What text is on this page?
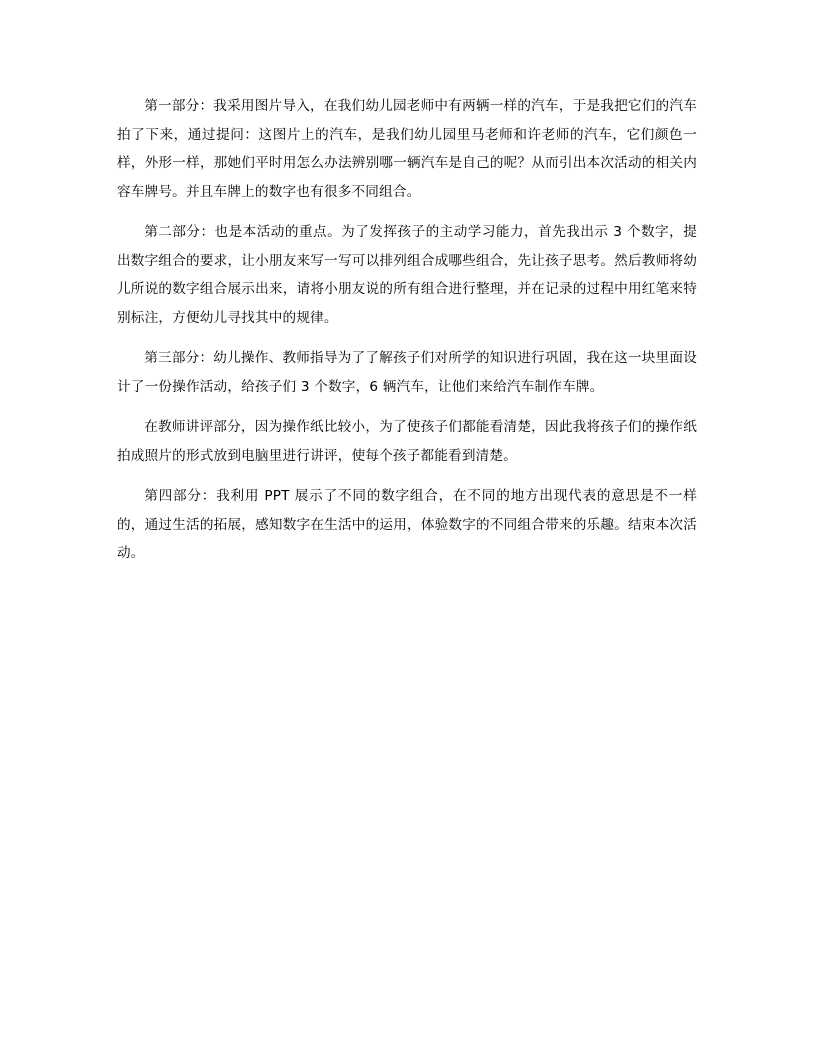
第一部分：我采用图片导入，在我们幼儿园老师中有两辆一样的汽车，于是我把它们的汽车拍了下来，通过提问：这图片上的汽车，是我们幼儿园里马老师和许老师的汽车，它们颜色一样，外形一样，那她们平时用怎么办法辨别哪一辆汽车是自己的呢？从而引出本次活动的相关内容车牌号。并且车牌上的数字也有很多不同组合。

第二部分：也是本活动的重点。为了发挥孩子的主动学习能力，首先我出示 3 个数字，提出数字组合的要求，让小朋友来写一写可以排列组合成哪些组合，先让孩子思考。然后教师将幼儿所说的数字组合展示出来，请将小朋友说的所有组合进行整理，并在记录的过程中用红笔来特别标注，方便幼儿寻找其中的规律。

第三部分：幼儿操作、教师指导为了了解孩子们对所学的知识进行巩固，我在这一块里面设计了一份操作活动，给孩子们 3 个数字，6 辆汽车，让他们来给汽车制作车牌。

在教师讲评部分，因为操作纸比较小，为了使孩子们都能看清楚，因此我将孩子们的操作纸拍成照片的形式放到电脑里进行讲评，使每个孩子都能看到清楚。

第四部分：我利用 PPT 展示了不同的数字组合，在不同的地方出现代表的意思是不一样的，通过生活的拓展，感知数字在生活中的运用，体验数字的不同组合带来的乐趣。结束本次活动。
